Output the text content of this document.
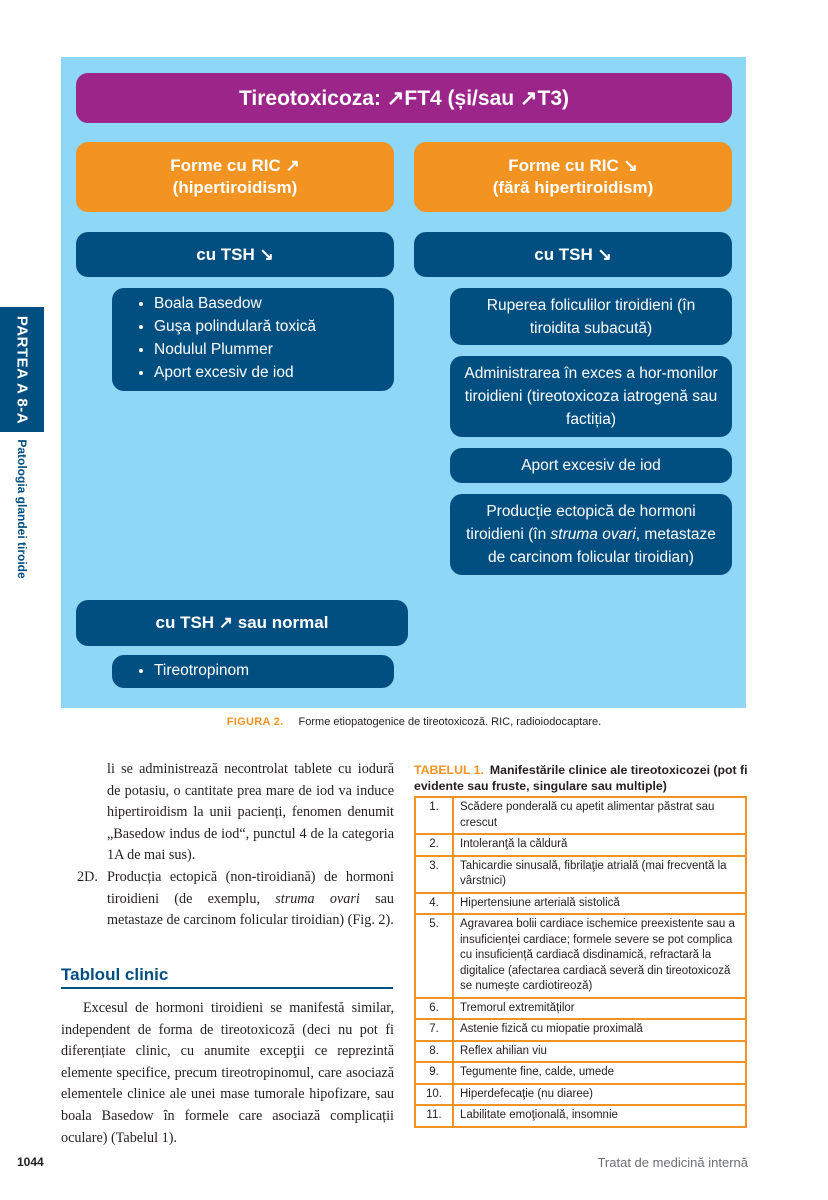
Tireotoxicoza: ↗FT4 (și/sau ↗T3)
Forme cu RIC ↗
(hipertiroidism)
Forme cu RIC ↘
(fără hipertiroidism)
cu TSH ↘
• Boala Basedow
• Guşa polindulară toxică
• Nodulul Plummer
• Aport excesiv de iod
cu TSH ↗ sau normal
• Tireotropinom
cu TSH ↘
Ruperea foliculilor tiroidieni (în tiroidita subacută)
Administrarea în exces a hor-monilor tiroidieni (tireotoxicoza iatrogenă sau factiția)
Aport excesiv de iod
Producție ectopică de hormoni tiroidieni (în struma ovari, metastaze de carcinom folicular tiroidian)
FIGURA 2. Forme etiopatogenice de tireotoxicoză. RIC, radioiodocaptare.
PARTEA A 8-A
Patologia glandei tiroide
li se administrează necontrolat tablete cu iodură de potasiu, o cantitate prea mare de iod va induce hipertiroidism la unii pacienți, fenomen denumit „Basedow indus de iod“, punctul 4 de la categoria 1A de mai sus).
2D. Producția ectopică (non-tiroidiană) de hormoni tiroidieni (de exemplu, struma ovari sau metastaze de carcinom folicular tiroidian) (Fig. 2).
Tabloul clinic
Excesul de hormoni tiroidieni se manifestă similar, independent de forma de tireotoxicoză (deci nu pot fi diferențiate clinic, cu anumite excepţii ce reprezintă elemente specifice, precum tireotropinomul, care asociază elementele clinice ale unei mase tumorale hipofizare, sau boala Basedow în formele care asociază complicații oculare) (Tabelul 1).
TABELUL 1. Manifestările clinice ale tireotoxicozei (pot fi evidente sau fruste, singulare sau multiple)
1.	Scădere ponderală cu apetit alimentar păstrat sau crescut
2.	Intoleranţă la căldură
3.	Tahicardie sinusală, fibrilaţie atrială (mai frecventă la vârstnici)
4.	Hipertensiune arterială sistolică
5.	Agravarea bolii cardiace ischemice preexistente sau a insuficienței cardiace; formele severe se pot complica cu insuficiență cardiacă disdinamică, refractară la digitalice (afectarea cardiacă severă din tireotoxicoză se numește cardiotireoză)
6.	Tremorul extremităților
7.	Astenie fizică cu miopatie proximală
8.	Reflex ahilian viu
9.	Tegumente fine, calde, umede
10.	Hiperdefecaţie (nu diaree)
11.	Labilitate emoţională, insomnie
1044	Tratat de medicină internă
